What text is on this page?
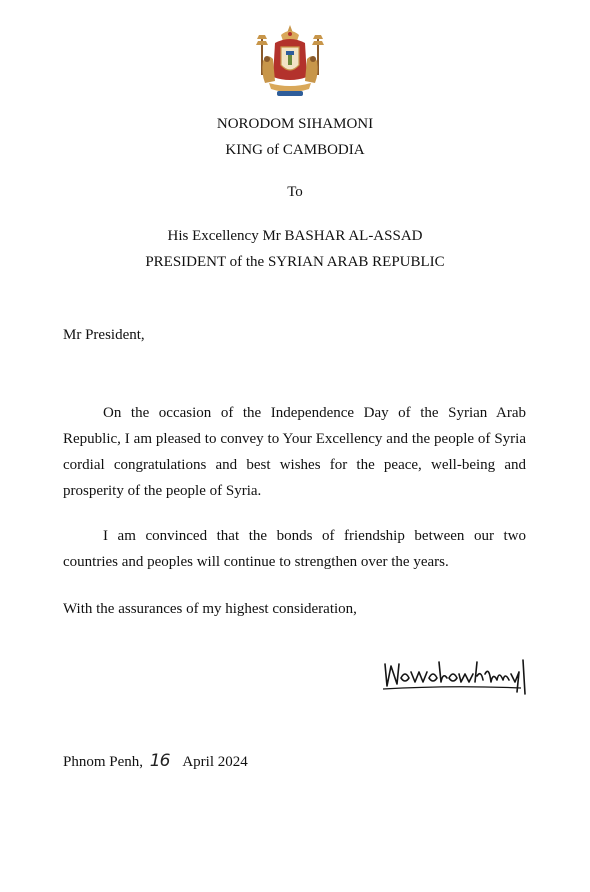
NORODOM SIHAMONI
KING of CAMBODIA
To
His Excellency Mr BASHAR AL-ASSAD
PRESIDENT of the SYRIAN ARAB REPUBLIC
Mr President,

On the occasion of the Independence Day of the Syrian Arab Republic, I am pleased to convey to Your Excellency and the people of Syria cordial congratulations and best wishes for the peace, well-being and prosperity of the people of Syria.

I am convinced that the bonds of friendship between our two countries and peoples will continue to strengthen over the years.

With the assurances of my highest consideration,

Phnom Penh, 16 April 2024
